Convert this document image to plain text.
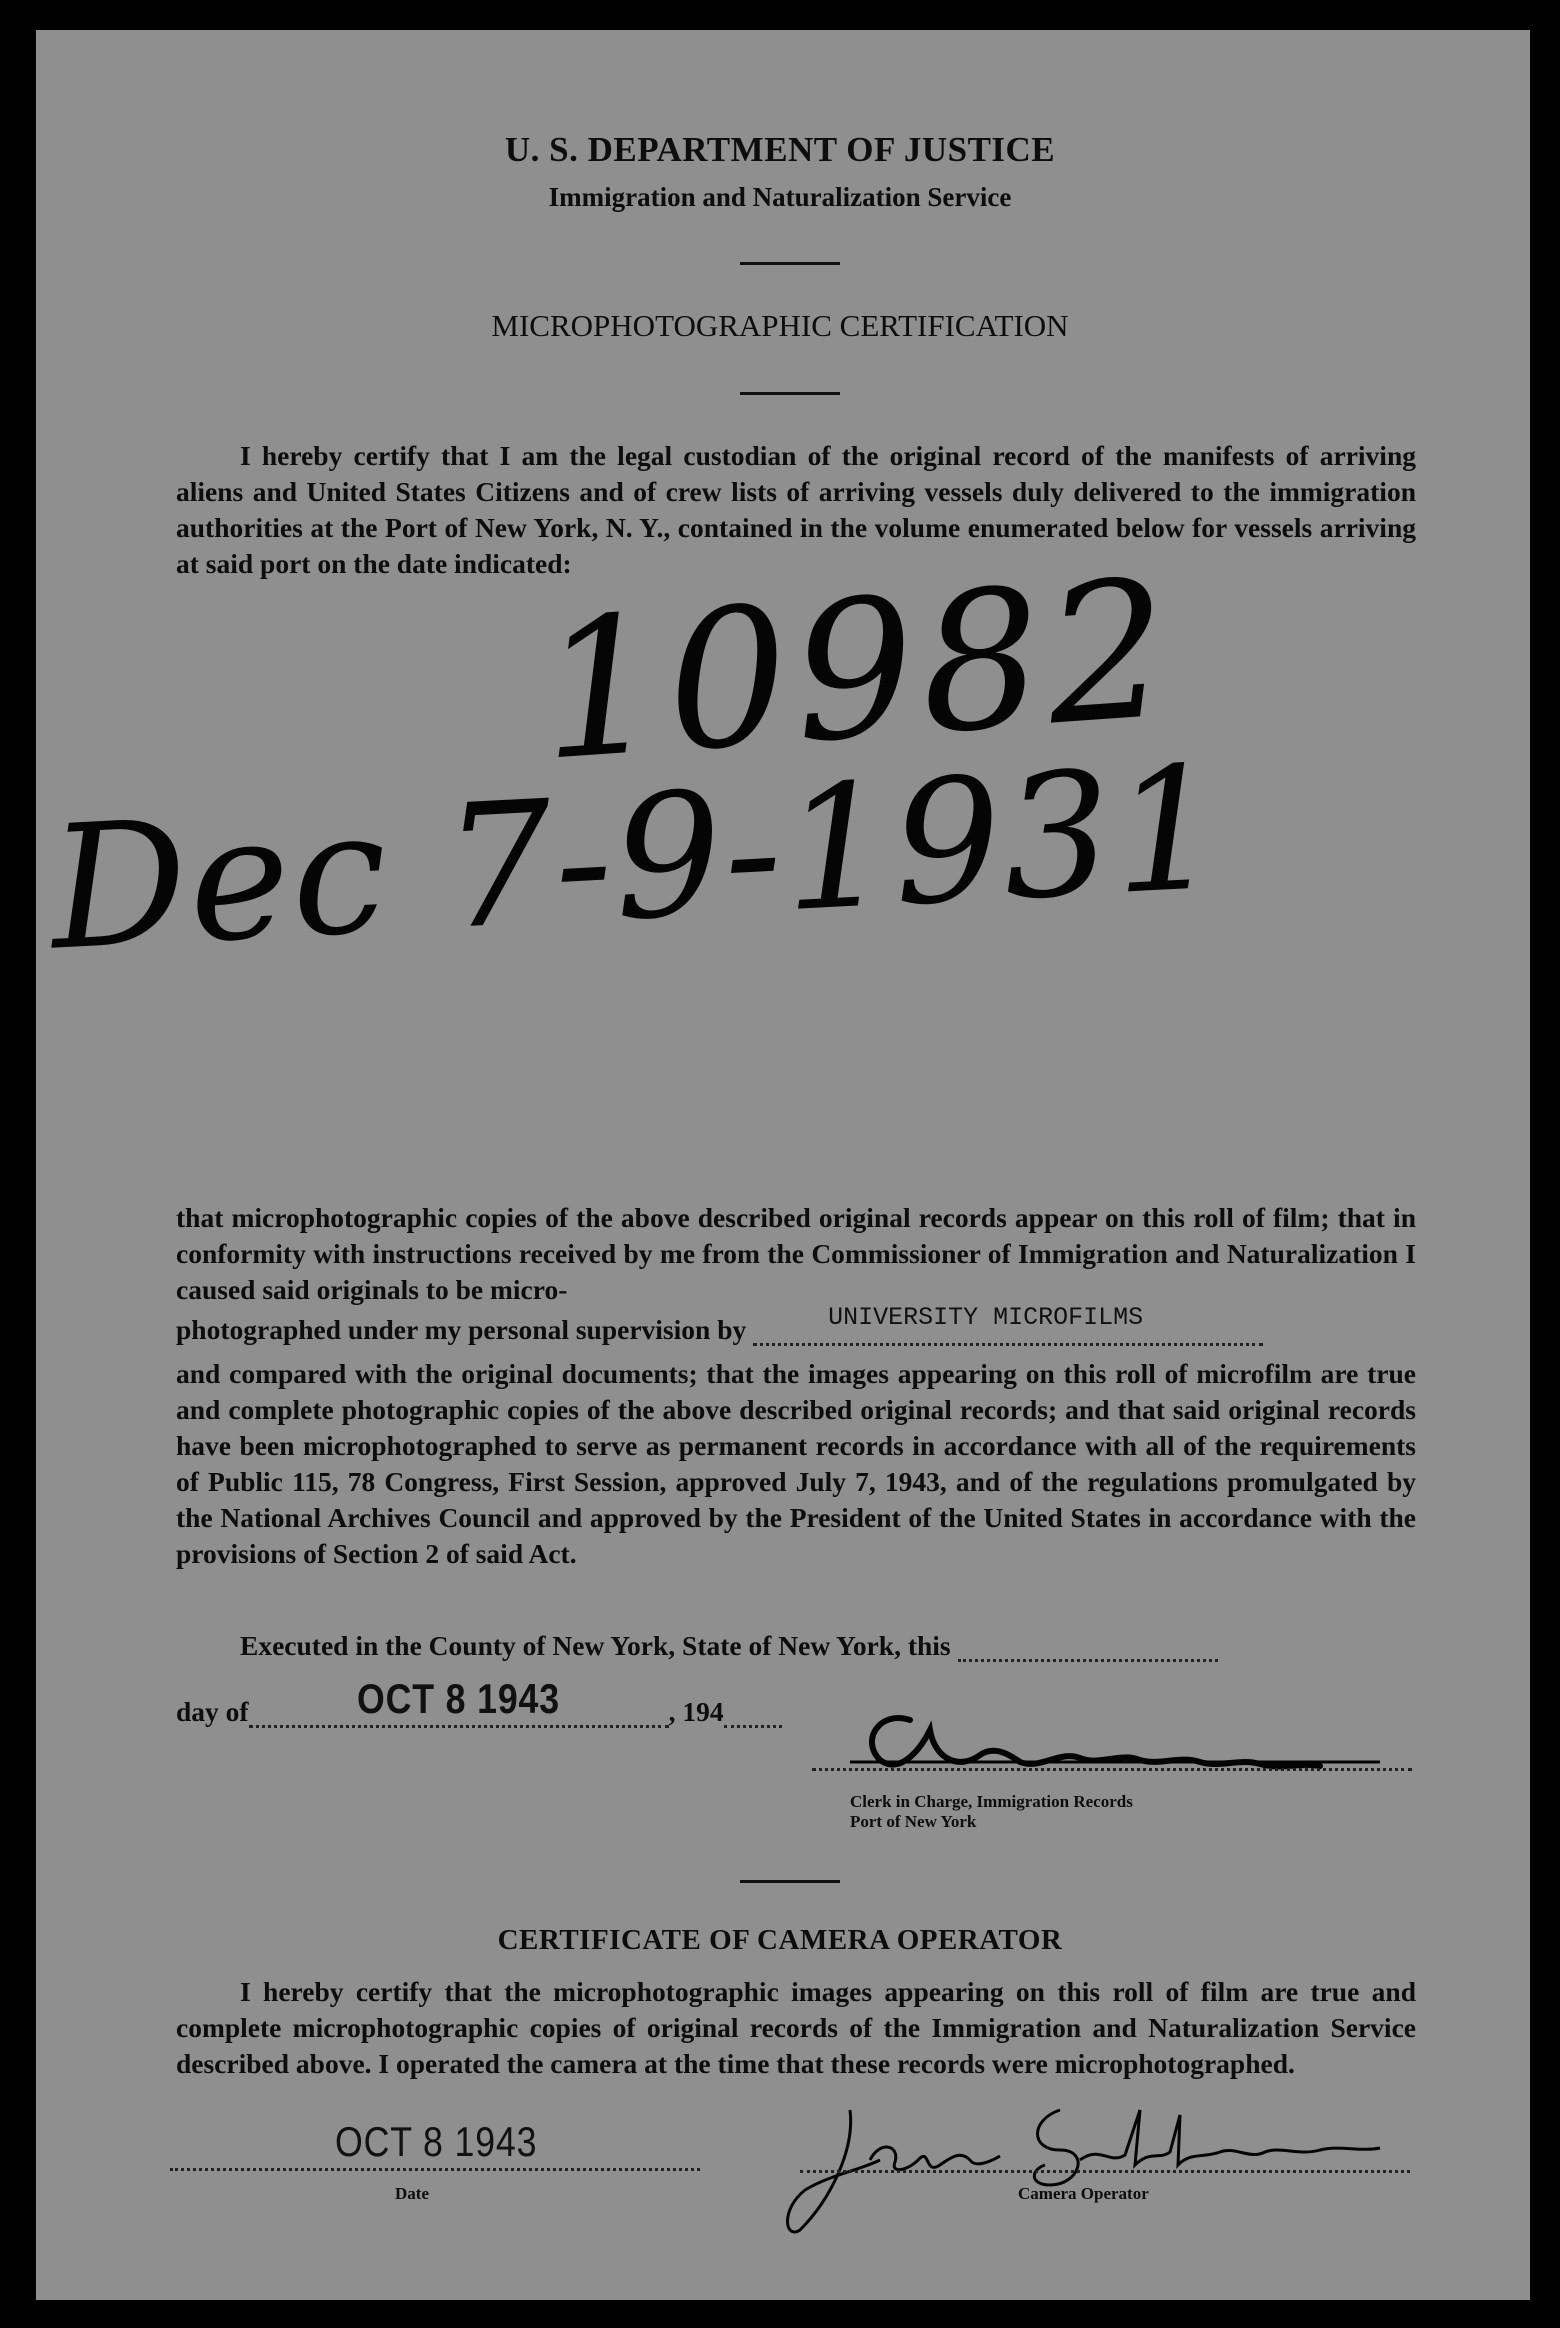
U. S. DEPARTMENT OF JUSTICE
Immigration and Naturalization Service
MICROPHOTOGRAPHIC CERTIFICATION

I hereby certify that I am the legal custodian of the original record of the manifests of arriving aliens and United States Citizens and of crew lists of arriving vessels duly delivered to the immigration authorities at the Port of New York, N. Y., contained in the volume enumerated below for vessels arriving at said port on the date indicated:

10982
Dec 7-9-1931

that microphotographic copies of the above described original records appear on this roll of film; that in conformity with instructions received by me from the Commissioner of Immigration and Naturalization I caused said originals to be micro-

photographed under my personal supervision by	UNIVERSITY MICROFILMS

and compared with the original documents; that the images appearing on this roll of microfilm are true and complete photographic copies of the above described original records; and that said original records have been microphotographed to serve as permanent records in accordance with all of the requirements of Public 115, 78 Congress, First Session, approved July 7, 1943, and of the regulations promulgated by the National Archives Council and approved by the President of the United States in accordance with the provisions of Section 2 of said Act.

Executed in the County of New York, State of New York, this
day of	OCT 8 1943	, 194
Clerk in Charge, Immigration Records
Port of New York
CERTIFICATE OF CAMERA OPERATOR

I hereby certify that the microphotographic images appearing on this roll of film are true and complete microphotographic copies of original records of the Immigration and Naturalization Service described above. I operated the camera at the time that these records were microphotographed.

OCT 8 1943
Date	Camera Operator
